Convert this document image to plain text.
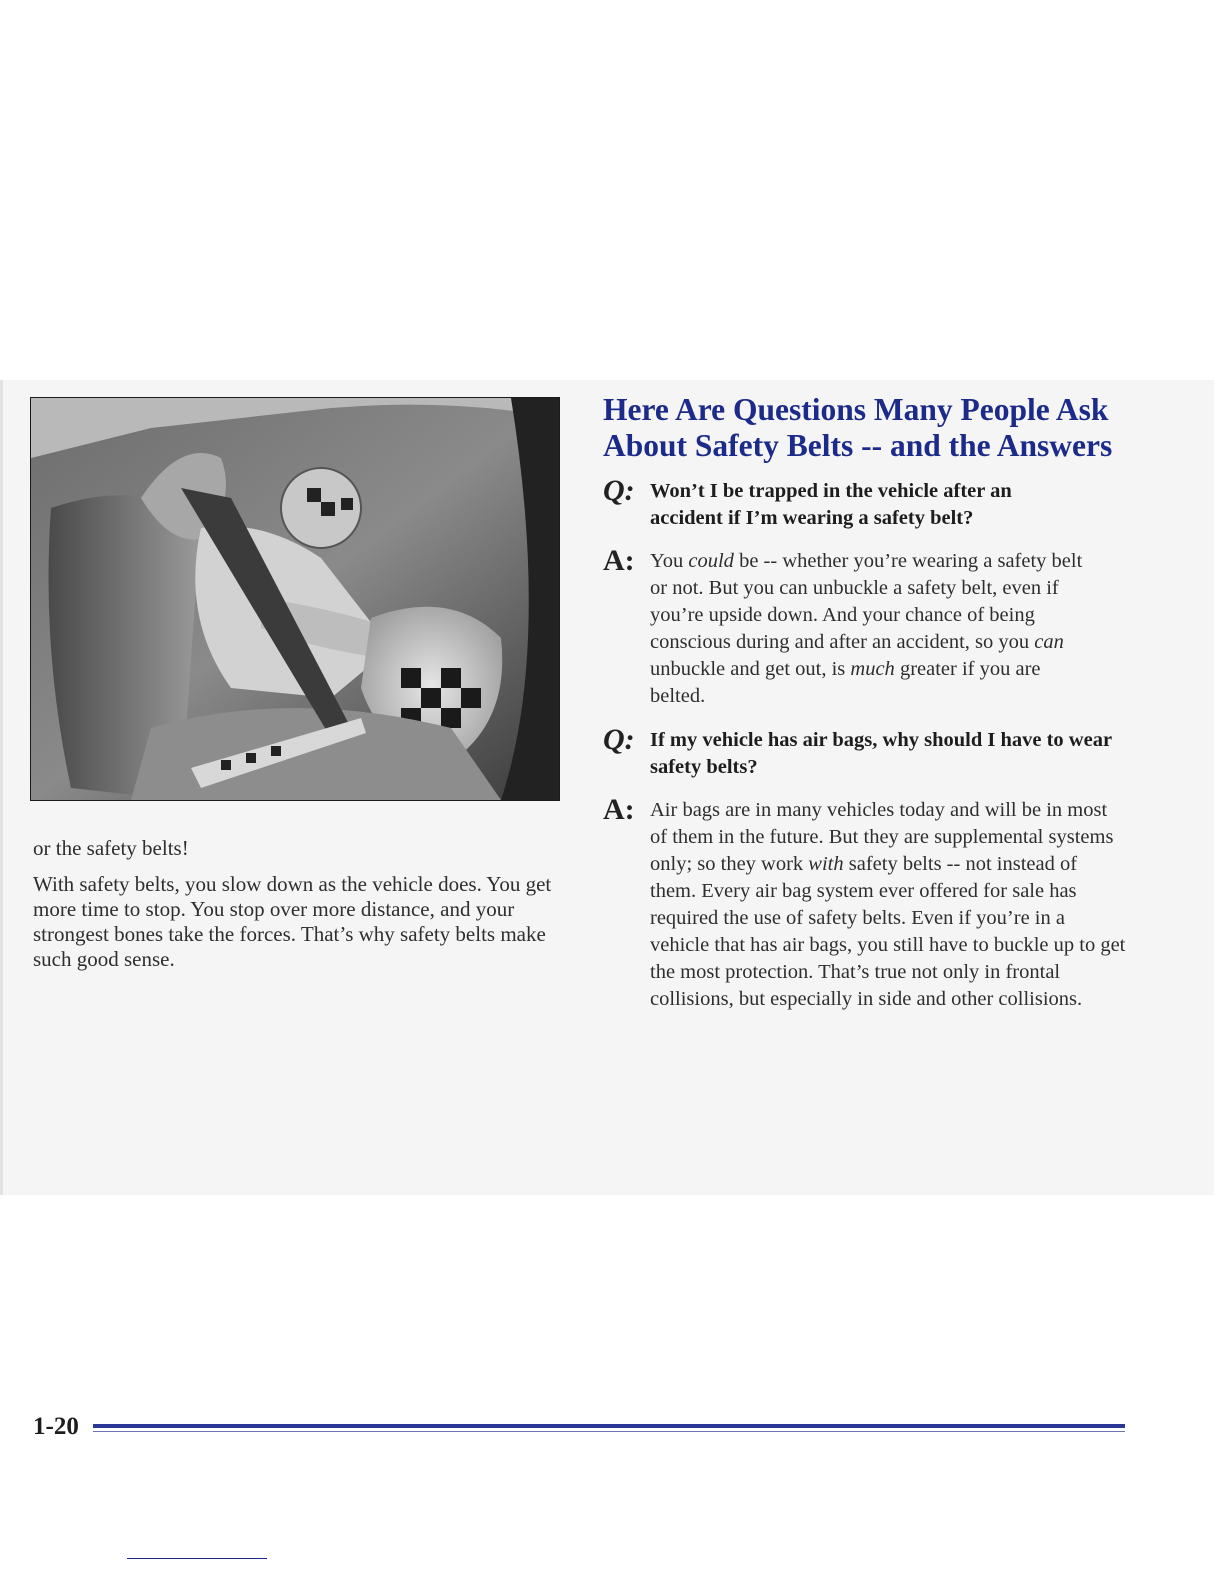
or the safety belts!

With safety belts, you slow down as the vehicle does. You get more time to stop. You stop over more distance, and your strongest bones take the forces. That’s why safety belts make such good sense.

Here Are Questions Many People Ask
About Safety Belts -- and the Answers
Q: Won’t I be trapped in the vehicle after an accident if I’m wearing a safety belt?
A: You could be -- whether you’re wearing a safety belt or not. But you can unbuckle a safety belt, even if you’re upside down. And your chance of being conscious during and after an accident, so you can unbuckle and get out, is much greater if you are belted.
Q: If my vehicle has air bags, why should I have to wear safety belts?
A: Air bags are in many vehicles today and will be in most of them in the future. But they are supplemental systems only; so they work with safety belts -- not instead of them. Every air bag system ever offered for sale has required the use of safety belts. Even if you’re in a vehicle that has air bags, you still have to buckle up to get the most protection. That’s true not only in frontal collisions, but especially in side and other collisions.
1-20
